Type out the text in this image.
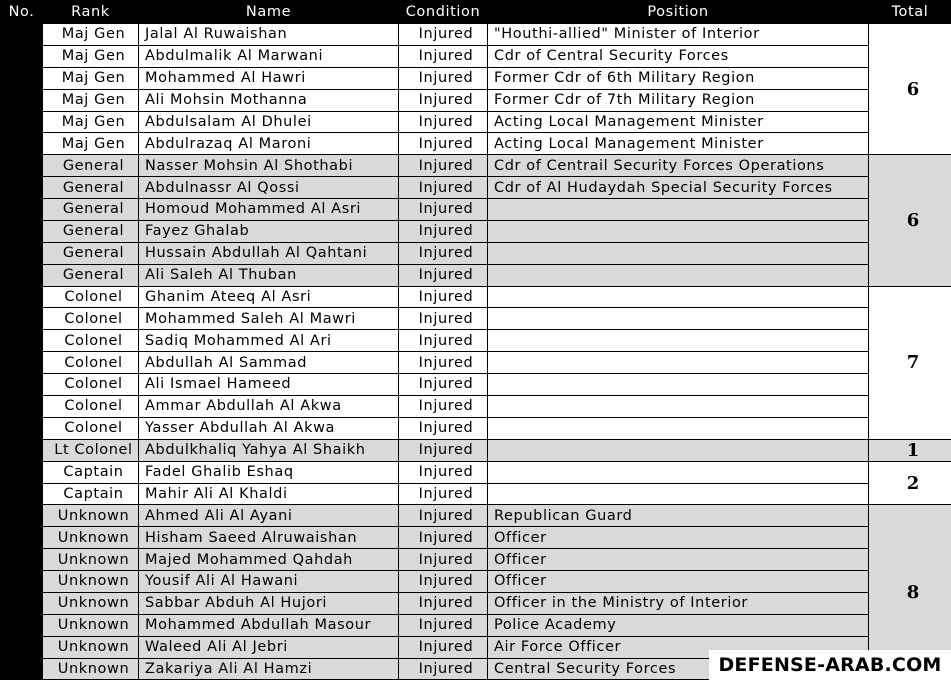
No.	Rank	Name	Condition	Position	Total
1	Maj Gen	Jalal Al Ruwaishan	Injured	"Houthi-allied" Minister of Interior	6
2	Maj Gen	Abdulmalik Al Marwani	Injured	Cdr of Central Security Forces	
3	Maj Gen	Mohammed Al Hawri	Injured	Former Cdr of 6th Military Region	
4	Maj Gen	Ali Mohsin Mothanna	Injured	Former Cdr of 7th Military Region	
5	Maj Gen	Abdulsalam Al Dhulei	Injured	Acting Local Management Minister	
6	Maj Gen	Abdulrazaq Al Maroni	Injured	Acting Local Management Minister	
7	General	Nasser Mohsin Al Shothabi	Injured	Cdr of Centrail Security Forces Operations	6
8	General	Abdulnassr Al Qossi	Injured	Cdr of Al Hudaydah Special Security Forces	
9	General	Homoud Mohammed Al Asri	Injured		
10	General	Fayez Ghalab	Injured		
11	General	Hussain Abdullah Al Qahtani	Injured		
12	General	Ali Saleh Al Thuban	Injured		
13	Colonel	Ghanim Ateeq Al Asri	Injured		7
14	Colonel	Mohammed Saleh Al Mawri	Injured		
15	Colonel	Sadiq Mohammed Al Ari	Injured		
16	Colonel	Abdullah Al Sammad	Injured		
17	Colonel	Ali Ismael Hameed	Injured		
18	Colonel	Ammar Abdullah Al Akwa	Injured		
19	Colonel	Yasser Abdullah Al Akwa	Injured		
20	Lt Colonel	Abdulkhaliq Yahya Al Shaikh	Injured		1
21	Captain	Fadel Ghalib Eshaq	Injured		2
22	Captain	Mahir Ali Al Khaldi	Injured		
23	Unknown	Ahmed Ali Al Ayani	Injured	Republican Guard	8
24	Unknown	Hisham Saeed Alruwaishan	Injured	Officer	
25	Unknown	Majed Mohammed Qahdah	Injured	Officer	
26	Unknown	Yousif Ali Al Hawani	Injured	Officer	
27	Unknown	Sabbar Abduh Al Hujori	Injured	Officer in the Ministry of Interior	
28	Unknown	Mohammed Abdullah Masour	Injured	Police Academy	
29	Unknown	Waleed Ali Al Jebri	Injured	Air Force Officer	
30	Unknown	Zakariya Ali Al Hamzi	Injured	Central Security Forces		DEFENSE-ARAB.COM
